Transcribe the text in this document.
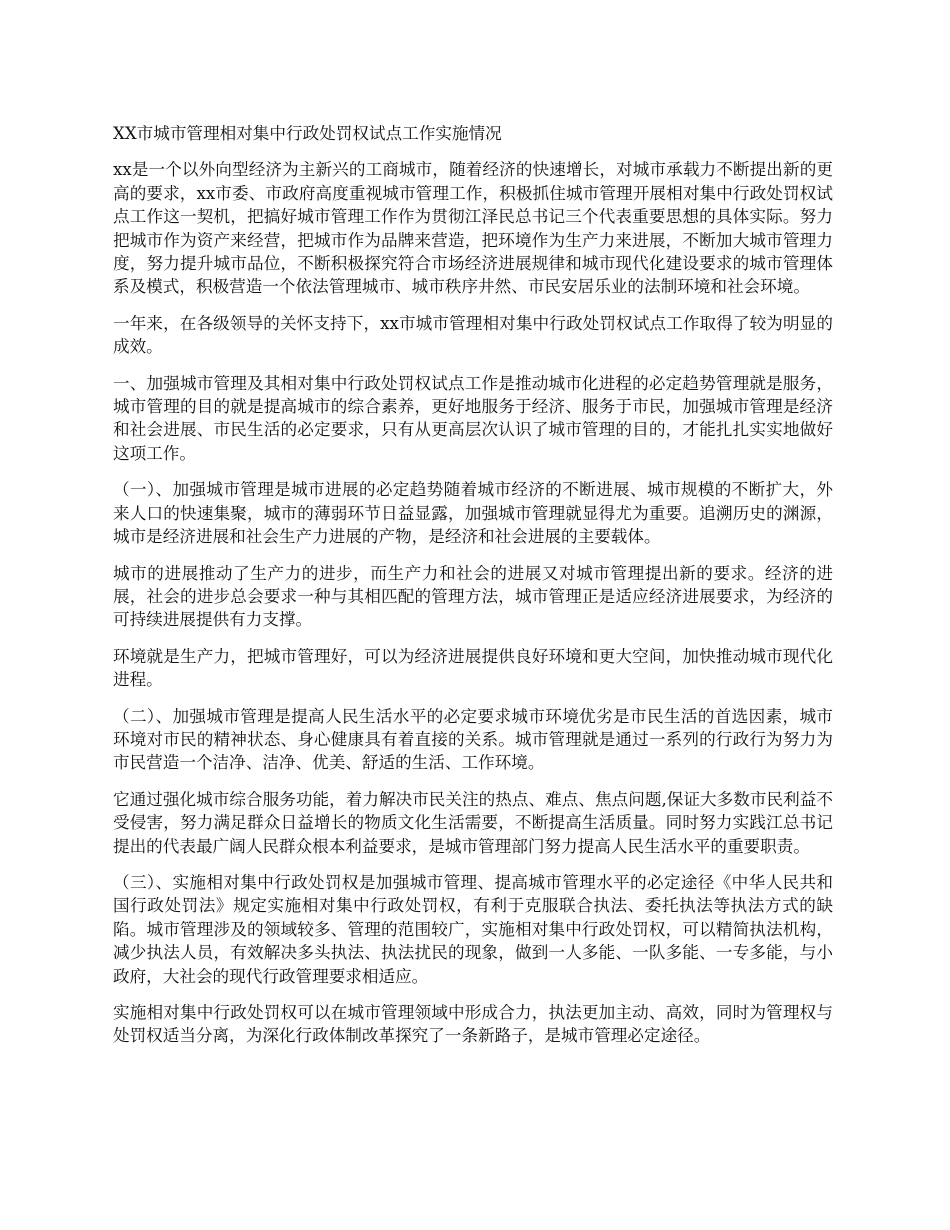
XX市城市管理相对集中行政处罚权试点工作实施情况

xx是一个以外向型经济为主新兴的工商城市，随着经济的快速增长，对城市承载力不断提出新的更高的要求，xx市委、市政府高度重视城市管理工作，积极抓住城市管理开展相对集中行政处罚权试点工作这一契机，把搞好城市管理工作作为贯彻江泽民总书记三个代表重要思想的具体实际。努力把城市作为资产来经营，把城市作为品牌来营造，把环境作为生产力来进展，不断加大城市管理力度，努力提升城市品位，不断积极探究符合市场经济进展规律和城市现代化建设要求的城市管理体系及模式，积极营造一个依法管理城市、城市秩序井然、市民安居乐业的法制环境和社会环境。

一年来，在各级领导的关怀支持下，xx市城市管理相对集中行政处罚权试点工作取得了较为明显的成效。

一、加强城市管理及其相对集中行政处罚权试点工作是推动城市化进程的必定趋势管理就是服务，城市管理的目的就是提高城市的综合素养，更好地服务于经济、服务于市民，加强城市管理是经济和社会进展、市民生活的必定要求，只有从更高层次认识了城市管理的目的，才能扎扎实实地做好这项工作。

（一）、加强城市管理是城市进展的必定趋势随着城市经济的不断进展、城市规模的不断扩大，外来人口的快速集聚，城市的薄弱环节日益显露，加强城市管理就显得尤为重要。追溯历史的渊源，城市是经济进展和社会生产力进展的产物，是经济和社会进展的主要载体。

城市的进展推动了生产力的进步，而生产力和社会的进展又对城市管理提出新的要求。经济的进展，社会的进步总会要求一种与其相匹配的管理方法，城市管理正是适应经济进展要求，为经济的可持续进展提供有力支撑。

环境就是生产力，把城市管理好，可以为经济进展提供良好环境和更大空间，加快推动城市现代化进程。

（二）、加强城市管理是提高人民生活水平的必定要求城市环境优劣是市民生活的首选因素，城市环境对市民的精神状态、身心健康具有着直接的关系。城市管理就是通过一系列的行政行为努力为市民营造一个洁净、洁净、优美、舒适的生活、工作环境。

它通过强化城市综合服务功能，着力解决市民关注的热点、难点、焦点问题,保证大多数市民利益不受侵害，努力满足群众日益增长的物质文化生活需要，不断提高生活质量。同时努力实践江总书记提出的代表最广阔人民群众根本利益要求，是城市管理部门努力提高人民生活水平的重要职责。

（三）、实施相对集中行政处罚权是加强城市管理、提高城市管理水平的必定途径《中华人民共和国行政处罚法》规定实施相对集中行政处罚权，有利于克服联合执法、委托执法等执法方式的缺陷。城市管理涉及的领域较多、管理的范围较广，实施相对集中行政处罚权，可以精简执法机构，减少执法人员，有效解决多头执法、执法扰民的现象，做到一人多能、一队多能、一专多能，与小政府，大社会的现代行政管理要求相适应。

实施相对集中行政处罚权可以在城市管理领域中形成合力，执法更加主动、高效，同时为管理权与处罚权适当分离，为深化行政体制改革探究了一条新路子，是城市管理必定途径。
